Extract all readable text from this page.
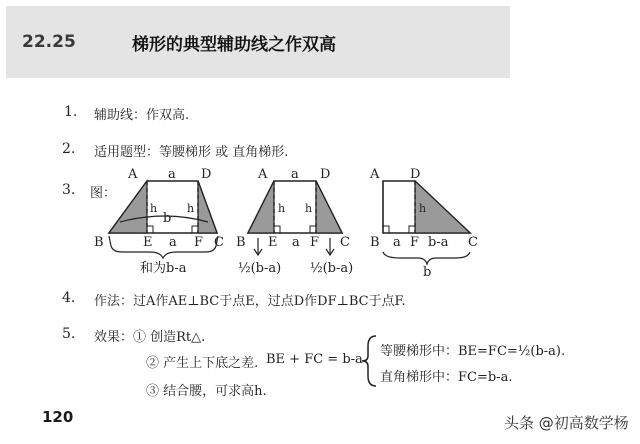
22.25	梯形的典型辅助线之作双高
1. 辅助线：作双高.
2. 适用题型：等腰梯形 或 直角梯形.
3. 图：
4. 作法：过A作AE⊥BC于点E，过点D作DF⊥BC于点F.
5. 效果：① 创造Rt△.
② 产生上下底之差. BE + FC = b-a
③ 结合腰，可求高h.
等腰梯形中：BE=FC=½(b-a).
直角梯形中：FC=b-a.
A a D
h	h
b
B	E a F C
和为b-a
A a D
h h
B E a F C
½(b-a) ½(b-a)
A D
h
B a F b-a C
b
120	头条 @初高数学杨
